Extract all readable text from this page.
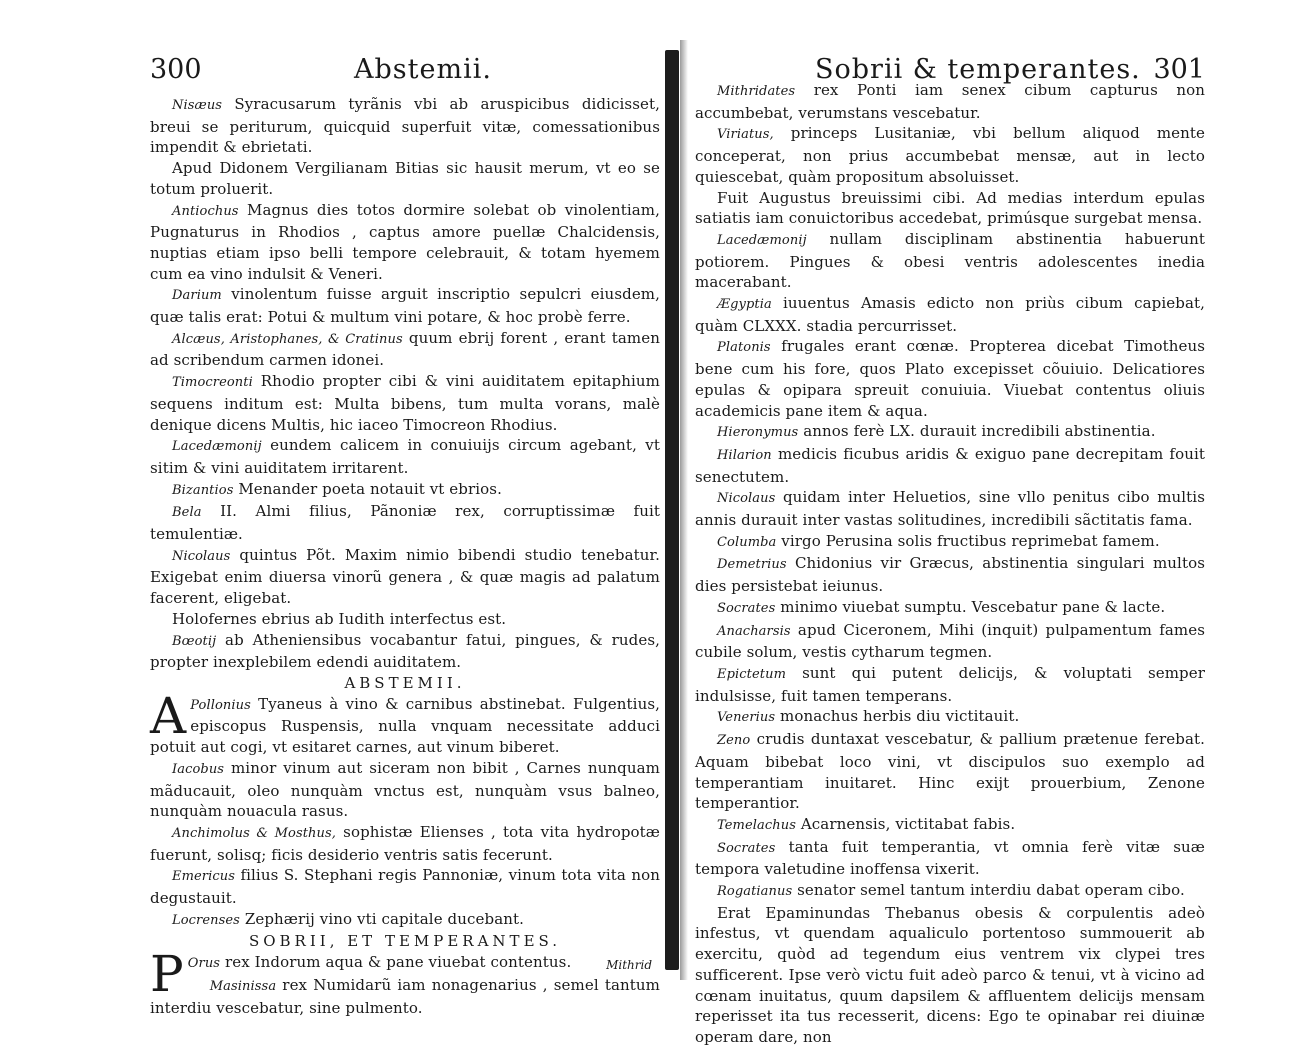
300	Abstemii.

Nisæus Syracusarum tyrãnis vbi ab aruspicibus didicisset, breui se periturum, quicquid superfuit vitæ, comessationibus impendit & ebrietati.

Apud Didonem Vergilianam Bitias sic hausit merum, vt eo se totum proluerit.

Antiochus Magnus dies totos dormire solebat ob vinolentiam, Pugnaturus in Rhodios , captus amore puellæ Chalcidensis, nuptias etiam ipso belli tempore celebrauit, & totam hyemem cum ea vino indulsit & Veneri.

Darium vinolentum fuisse arguit inscriptio sepulcri eiusdem, quæ talis erat: Potui & multum vini potare, & hoc probè ferre.

Alcæus, Aristophanes, & Cratinus quum ebrij forent , erant tamen ad scribendum carmen idonei.

Timocreonti Rhodio propter cibi & vini auiditatem epitaphium sequens inditum est: Multa bibens, tum multa vorans, malè denique dicens Multis, hic iaceo Timocreon Rhodius.

Lacedæmonij eundem calicem in conuiuijs circum agebant, vt sitim & vini auiditatem irritarent.

Bizantios Menander poeta notauit vt ebrios.

Bela II. Almi filius, Pãnoniæ rex, corruptissimæ fuit temulentiæ.

Nicolaus quintus Põt. Maxim nimio bibendi studio tenebatur. Exigebat enim diuersa vinorũ genera , & quæ magis ad palatum facerent, eligebat.

Holofernes ebrius ab Iudith interfectus est.

Bœotij ab Atheniensibus vocabantur fatui, pingues, & rudes, propter inexplebilem edendi auiditatem.

ABSTEMII.

A Pollonius Tyaneus à vino & carnibus abstinebat. Fulgentius, episcopus Ruspensis, nulla vnquam necessitate adduci potuit aut cogi, vt esitaret carnes, aut vinum biberet.

Iacobus minor vinum aut siceram non bibit , Carnes nunquam mãducauit, oleo nunquàm vnctus est, nunquàm vsus balneo, nunquàm nouacula rasus.

Anchimolus & Mosthus, sophistæ Elienses , tota vita hydropotæ fuerunt, solisq; ficis desiderio ventris satis fecerunt.

Emericus filius S. Stephani regis Pannoniæ, vinum tota vita non degustauit.

Locrenses Zephærij vino vti capitale ducebant.

SOBRII, ET TEMPERANTES.

P Orus rex Indorum aqua & pane viuebat contentus.

Masinissa rex Numidarũ iam nonagenarius , semel tantum interdiu vescebatur, sine pulmento.

Mithrid
Sobrii & temperantes. 301

Mithridates rex Ponti iam senex cibum capturus non accumbebat, verumstans vescebatur.

Viriatus, princeps Lusitaniæ, vbi bellum aliquod mente conceperat, non prius accumbebat mensæ, aut in lecto quiescebat, quàm propositum absoluisset.

Fuit Augustus breuissimi cibi. Ad medias interdum epulas satiatis iam conuictoribus accedebat, primúsque surgebat mensa.

Lacedæmonij nullam disciplinam abstinentia habuerunt potiorem. Pingues & obesi ventris adolescentes inedia macerabant.

Ægyptia iuuentus Amasis edicto non priùs cibum capiebat, quàm CLXXX. stadia percurrisset.

Platonis frugales erant cœnæ. Propterea dicebat Timotheus bene cum his fore, quos Plato excepisset cõuiuio. Delicatiores epulas & opipara spreuit conuiuia. Viuebat contentus oliuis academicis pane item & aqua.

Hieronymus annos ferè LX. durauit incredibili abstinentia.

Hilarion medicis ficubus aridis & exiguo pane decrepitam fouit senectutem.

Nicolaus quidam inter Heluetios, sine vllo penitus cibo multis annis durauit inter vastas solitudines, incredibili sãctitatis fama.

Columba virgo Perusina solis fructibus reprimebat famem.

Demetrius Chidonius vir Græcus, abstinentia singulari multos dies persistebat ieiunus.

Socrates minimo viuebat sumptu. Vescebatur pane & lacte.

Anacharsis apud Ciceronem, Mihi (inquit) pulpamentum fames cubile solum, vestis cytharum tegmen.

Epictetum sunt qui putent delicijs, & voluptati semper indulsisse, fuit tamen temperans.

Venerius monachus herbis diu victitauit.

Zeno crudis duntaxat vescebatur, & pallium prætenue ferebat. Aquam bibebat loco vini, vt discipulos suo exemplo ad temperantiam inuitaret. Hinc exijt prouerbium, Zenone temperantior.

Temelachus Acarnensis, victitabat fabis.

Socrates tanta fuit temperantia, vt omnia ferè vitæ suæ tempora valetudine inoffensa vixerit.

Rogatianus senator semel tantum interdiu dabat operam cibo.

Erat Epaminundas Thebanus obesis & corpulentis adeò infestus, vt quendam aqualiculo portentoso summouerit ab exercitu, quòd ad tegendum eius ventrem vix clypei tres sufficerent. Ipse verò victu fuit adeò parco & tenui, vt à vicino ad cœnam inuitatus, quum dapsilem & affluentem delicijs mensam reperisset ita tus recesserit, dicens: Ego te opinabar rei diuinæ operam dare, non
